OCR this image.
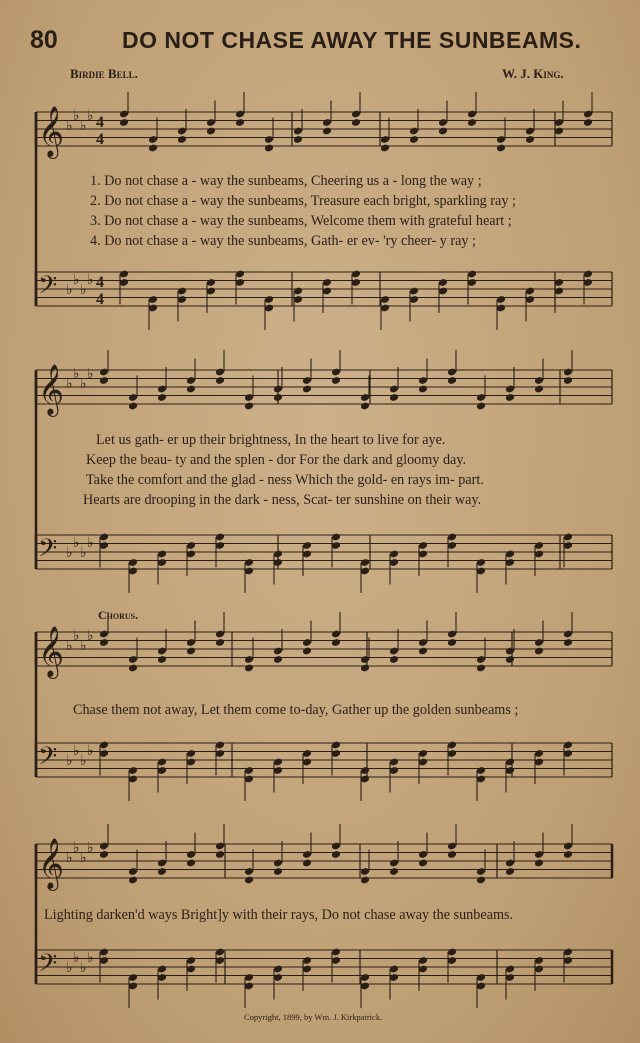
80	DO NOT CHASE AWAY THE SUNBEAMS.
Birdie Bell.	W. J. King.
𝄞 ♭
♭
♭
♭ 4
4
𝄢 ♭
♭
♭
♭ 4
4
𝄞 ♭
♭
♭
♭
𝄢 ♭
♭
♭
♭
𝄞 ♭
♭
♭
♭
𝄢 ♭
♭
♭
♭
𝄞 ♭
♭
♭
♭
𝄢 ♭
♭
♭
♭
1. Do not chase a - way the sunbeams, Cheering us a - long the way ;
2. Do not chase a - way the sunbeams, Treasure each bright, sparkling ray ;
3. Do not chase a - way the sunbeams, Welcome them with grateful heart ;
4. Do not chase a - way the sunbeams, Gath- er ev- 'ry cheer- y ray ;
Let us gath- er up their brightness, In the heart to live for aye.
Keep the beau- ty and the splen - dor For the dark and gloomy day.
Take the comfort and the glad - ness Which the gold- en rays im- part.
Hearts are drooping in the dark - ness, Scat- ter sunshine on their way.
Chorus.
Chase them not away, Let them come to-day, Gather up the golden sunbeams ;
Lighting darken'd ways Bright]y with their rays, Do not chase away the sunbeams.
Copyright, 1899, by Wm. J. Kirkpatrick.
